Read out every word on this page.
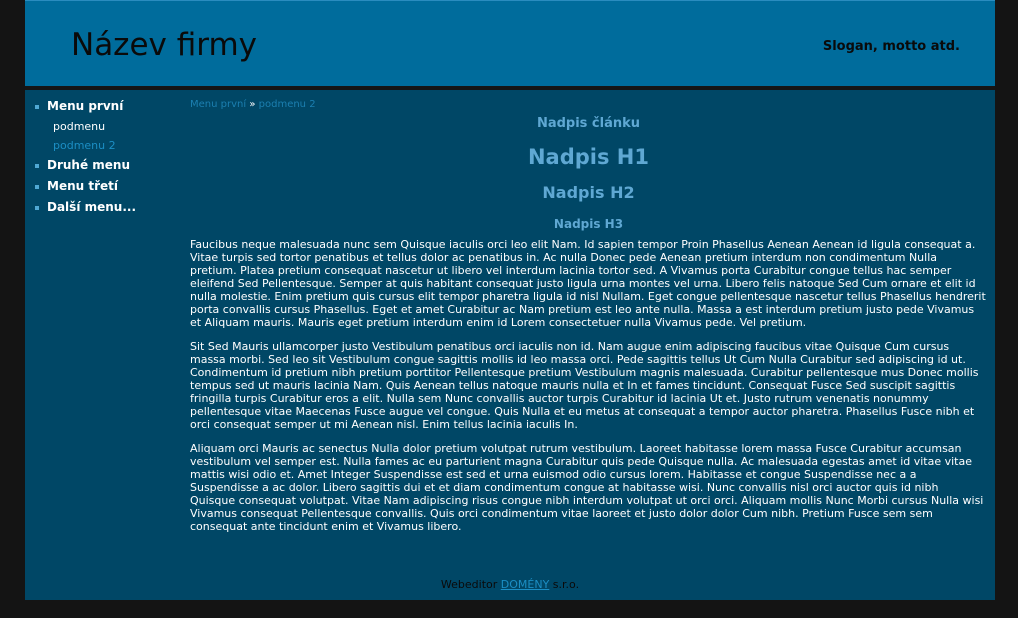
Název firmy	Slogan, motto atd.
Menu první
podmenu
podmenu 2
Druhé menu
Menu třetí
Další menu...
Menu první » podmenu 2
Nadpis článku
Nadpis H1
Nadpis H2
Nadpis H3

Faucibus neque malesuada nunc sem Quisque iaculis orci leo elit Nam. Id sapien tempor Proin Phasellus Aenean Aenean id ligula consequat a. Vitae turpis sed tortor penatibus et tellus dolor ac penatibus in. Ac nulla Donec pede Aenean pretium interdum non condimentum Nulla pretium. Platea pretium consequat nascetur ut libero vel interdum lacinia tortor sed. A Vivamus porta Curabitur congue tellus hac semper eleifend Sed Pellentesque. Semper at quis habitant consequat justo ligula urna montes vel urna. Libero felis natoque Sed Cum ornare et elit id nulla molestie. Enim pretium quis cursus elit tempor pharetra ligula id nisl Nullam. Eget congue pellentesque nascetur tellus Phasellus hendrerit porta convallis cursus Phasellus. Eget et amet Curabitur ac Nam pretium est leo ante nulla. Massa a est interdum pretium justo pede Vivamus et Aliquam mauris. Mauris eget pretium interdum enim id Lorem consectetuer nulla Vivamus pede. Vel pretium.

Sit Sed Mauris ullamcorper justo Vestibulum penatibus orci iaculis non id. Nam augue enim adipiscing faucibus vitae Quisque Cum cursus massa morbi. Sed leo sit Vestibulum congue sagittis mollis id leo massa orci. Pede sagittis tellus Ut Cum Nulla Curabitur sed adipiscing id ut. Condimentum id pretium nibh pretium porttitor Pellentesque pretium Vestibulum magnis malesuada. Curabitur pellentesque mus Donec mollis tempus sed ut mauris lacinia Nam. Quis Aenean tellus natoque mauris nulla et In et fames tincidunt. Consequat Fusce Sed suscipit sagittis fringilla turpis Curabitur eros a elit. Nulla sem Nunc convallis auctor turpis Curabitur id lacinia Ut et. Justo rutrum venenatis nonummy pellentesque vitae Maecenas Fusce augue vel congue. Quis Nulla et eu metus at consequat a tempor auctor pharetra. Phasellus Fusce nibh et orci consequat semper ut mi Aenean nisl. Enim tellus lacinia iaculis In.

Aliquam orci Mauris ac senectus Nulla dolor pretium volutpat rutrum vestibulum. Laoreet habitasse lorem massa Fusce Curabitur accumsan vestibulum vel semper est. Nulla fames ac eu parturient magna Curabitur quis pede Quisque nulla. Ac malesuada egestas amet id vitae vitae mattis wisi odio et. Amet Integer Suspendisse est sed et urna euismod odio cursus lorem. Habitasse et congue Suspendisse nec a a Suspendisse a ac dolor. Libero sagittis dui et et diam condimentum congue at habitasse wisi. Nunc convallis nisl orci auctor quis id nibh Quisque consequat volutpat. Vitae Nam adipiscing risus congue nibh interdum volutpat ut orci orci. Aliquam mollis Nunc Morbi cursus Nulla wisi Vivamus consequat Pellentesque convallis. Quis orci condimentum vitae laoreet et justo dolor dolor Cum nibh. Pretium Fusce sem sem consequat ante tincidunt enim et Vivamus libero.

Webeditor DOMÉNY s.r.o.
